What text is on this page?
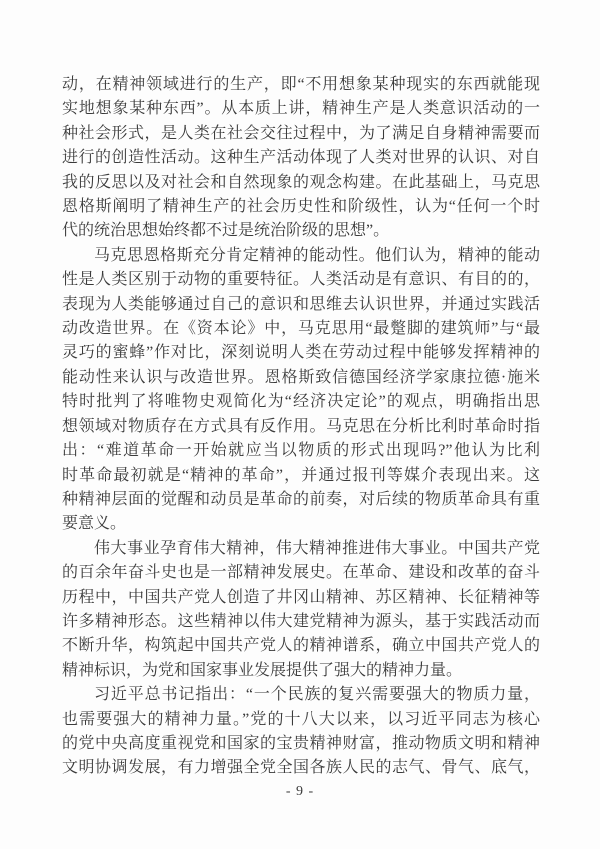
动，在精神领域进行的生产，即“不用想象某种现实的东西就能现
实地想象某种东西”。从本质上讲，精神生产是人类意识活动的一
种社会形式，是人类在社会交往过程中，为了满足自身精神需要而
进行的创造性活动。这种生产活动体现了人类对世界的认识、对自
我的反思以及对社会和自然现象的观念构建。在此基础上，马克思
恩格斯阐明了精神生产的社会历史性和阶级性，认为“任何一个时
代的统治思想始终都不过是统治阶级的思想”。
马克思恩格斯充分肯定精神的能动性。他们认为，精神的能动
性是人类区别于动物的重要特征。人类活动是有意识、有目的的，
表现为人类能够通过自己的意识和思维去认识世界，并通过实践活
动改造世界。在《资本论》中，马克思用“最蹩脚的建筑师”与“最
灵巧的蜜蜂”作对比，深刻说明人类在劳动过程中能够发挥精神的
能动性来认识与改造世界。恩格斯致信德国经济学家康拉德·施米
特时批判了将唯物史观简化为“经济决定论”的观点，明确指出思
想领域对物质存在方式具有反作用。马克思在分析比利时革命时指
出：“难道革命一开始就应当以物质的形式出现吗?”他认为比利
时革命最初就是“精神的革命”，并通过报刊等媒介表现出来。这
种精神层面的觉醒和动员是革命的前奏，对后续的物质革命具有重
要意义。
伟大事业孕育伟大精神，伟大精神推进伟大事业。中国共产党
的百余年奋斗史也是一部精神发展史。在革命、建设和改革的奋斗
历程中，中国共产党人创造了井冈山精神、苏区精神、长征精神等
许多精神形态。这些精神以伟大建党精神为源头，基于实践活动而
不断升华，构筑起中国共产党人的精神谱系，确立中国共产党人的
精神标识，为党和国家事业发展提供了强大的精神力量。
习近平总书记指出：“一个民族的复兴需要强大的物质力量，
也需要强大的精神力量。”党的十八大以来，以习近平同志为核心
的党中央高度重视党和国家的宝贵精神财富，推动物质文明和精神
文明协调发展，有力增强全党全国各族人民的志气、骨气、底气，
- 9 -
